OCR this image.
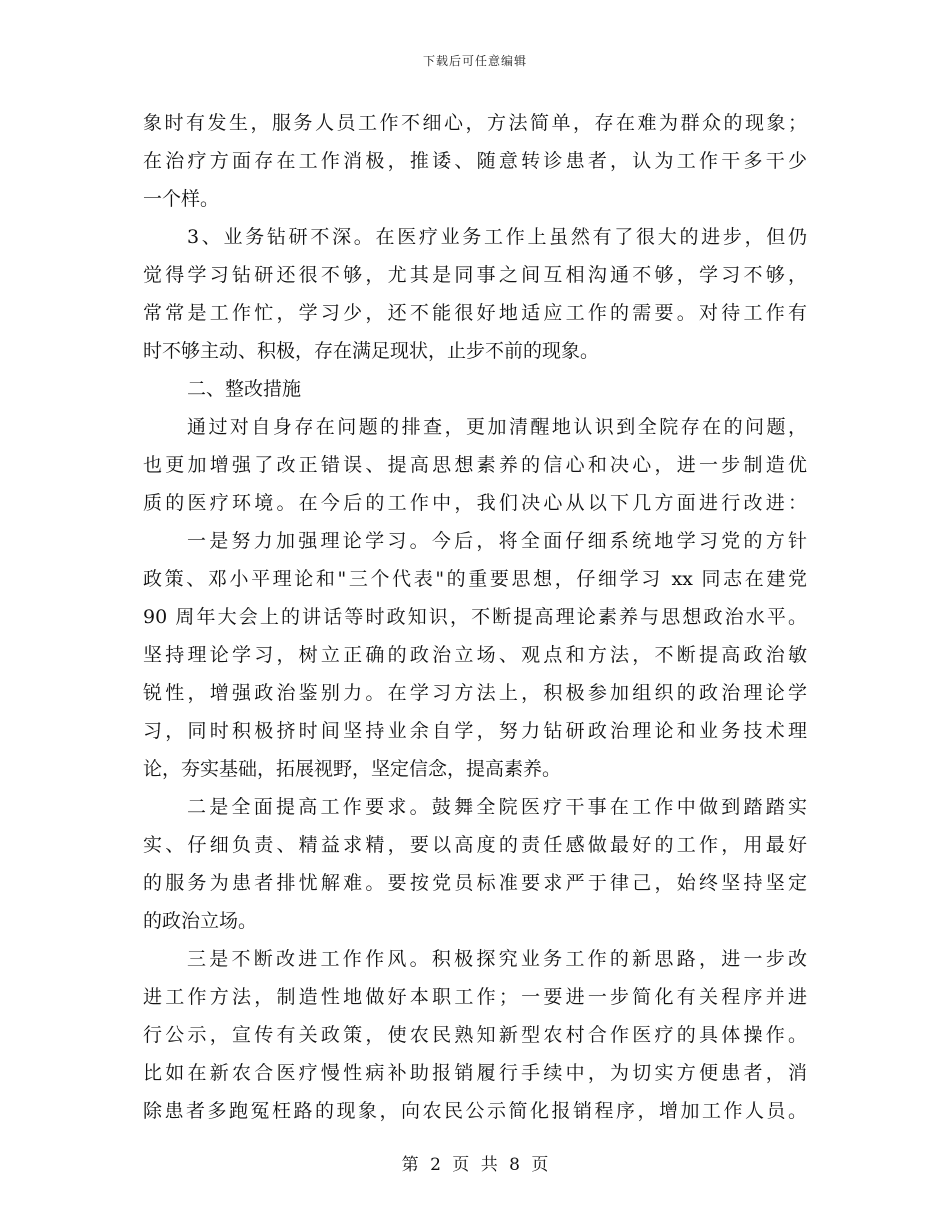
下载后可任意编辑
象时有发生，服务人员工作不细心，方法简单，存在难为群众的现象；
在治疗方面存在工作消极，推诿、随意转诊患者，认为工作干多干少
一个样。
3、业务钻研不深。在医疗业务工作上虽然有了很大的进步，但仍
觉得学习钻研还很不够，尤其是同事之间互相沟通不够，学习不够，
常常是工作忙，学习少，还不能很好地适应工作的需要。对待工作有
时不够主动、积极，存在满足现状，止步不前的现象。
二、整改措施
通过对自身存在问题的排查，更加清醒地认识到全院存在的问题，
也更加增强了改正错误、提高思想素养的信心和决心，进一步制造优
质的医疗环境。在今后的工作中，我们决心从以下几方面进行改进：
一是努力加强理论学习。今后，将全面仔细系统地学习党的方针
政策、邓小平理论和"三个代表"的重要思想，仔细学习 xx 同志在建党
90 周年大会上的讲话等时政知识，不断提高理论素养与思想政治水平。
坚持理论学习，树立正确的政治立场、观点和方法，不断提高政治敏
锐性，增强政治鉴别力。在学习方法上，积极参加组织的政治理论学
习，同时积极挤时间坚持业余自学，努力钻研政治理论和业务技术理
论，夯实基础，拓展视野，坚定信念，提高素养。
二是全面提高工作要求。鼓舞全院医疗干事在工作中做到踏踏实
实、仔细负责、精益求精，要以高度的责任感做最好的工作，用最好
的服务为患者排忧解难。要按党员标准要求严于律己，始终坚持坚定
的政治立场。
三是不断改进工作作风。积极探究业务工作的新思路，进一步改
进工作方法，制造性地做好本职工作；一要进一步简化有关程序并进
行公示，宣传有关政策，使农民熟知新型农村合作医疗的具体操作。
比如在新农合医疗慢性病补助报销履行手续中，为切实方便患者，消
除患者多跑冤枉路的现象，向农民公示简化报销程序，增加工作人员。
第 2 页 共 8 页
